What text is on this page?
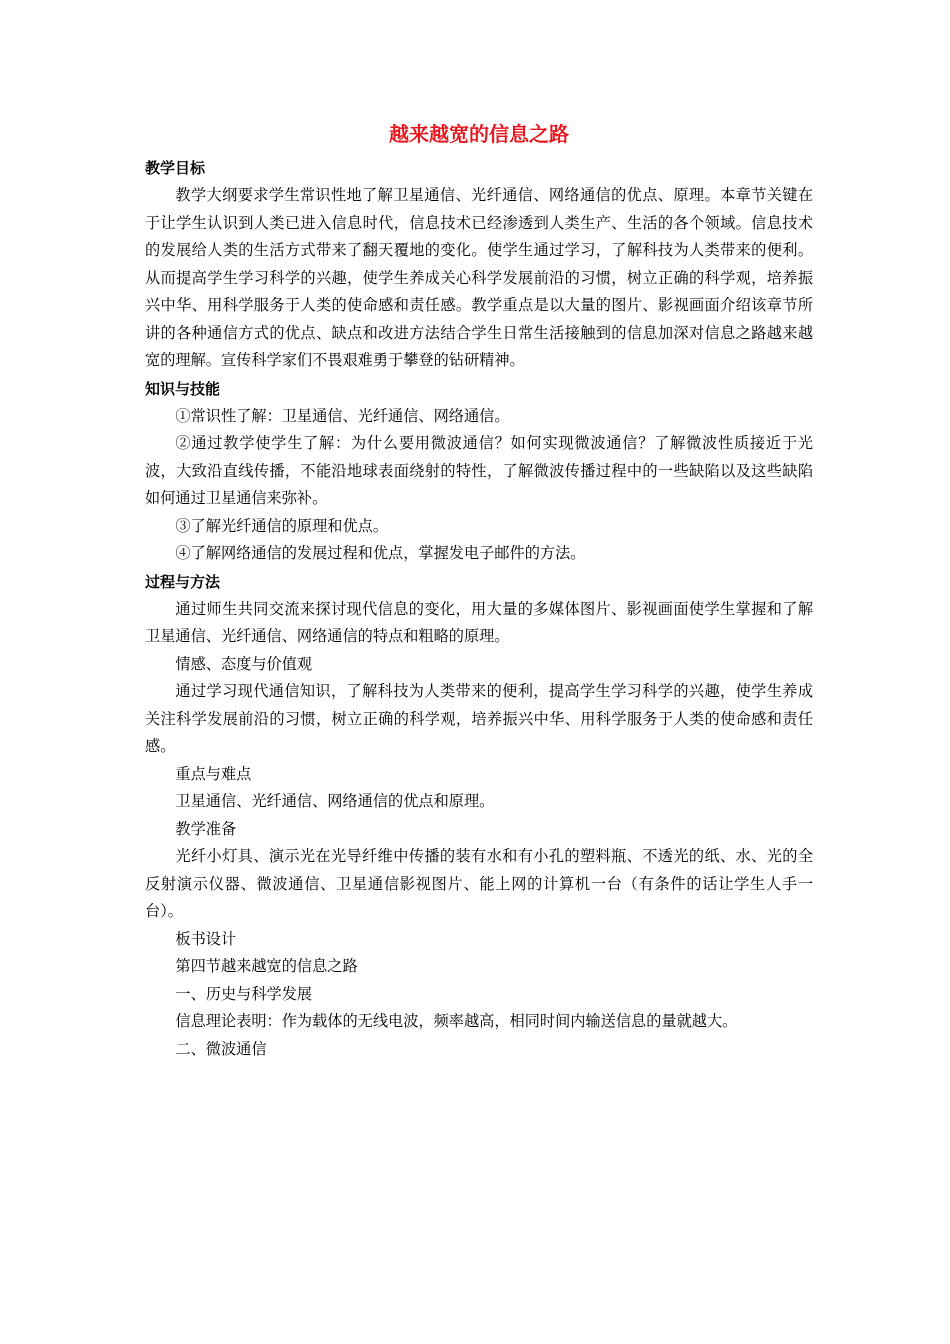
越来越宽的信息之路
教学目标

教学大纲要求学生常识性地了解卫星通信、光纤通信、网络通信的优点、原理。本章节关键在于让学生认识到人类已进入信息时代，信息技术已经渗透到人类生产、生活的各个领域。信息技术的发展给人类的生活方式带来了翻天覆地的变化。使学生通过学习，了解科技为人类带来的便利。从而提高学生学习科学的兴趣，使学生养成关心科学发展前沿的习惯，树立正确的科学观，培养振兴中华、用科学服务于人类的使命感和责任感。教学重点是以大量的图片、影视画面介绍该章节所讲的各种通信方式的优点、缺点和改进方法结合学生日常生活接触到的信息加深对信息之路越来越宽的理解。宣传科学家们不畏艰难勇于攀登的钻研精神。

知识与技能

①常识性了解：卫星通信、光纤通信、网络通信。

②通过教学使学生了解：为什么要用微波通信？如何实现微波通信？了解微波性质接近于光波，大致沿直线传播，不能沿地球表面绕射的特性，了解微波传播过程中的一些缺陷以及这些缺陷如何通过卫星通信来弥补。

③了解光纤通信的原理和优点。

④了解网络通信的发展过程和优点，掌握发电子邮件的方法。

过程与方法

通过师生共同交流来探讨现代信息的变化，用大量的多媒体图片、影视画面使学生掌握和了解卫星通信、光纤通信、网络通信的特点和粗略的原理。

情感、态度与价值观

通过学习现代通信知识，了解科技为人类带来的便利，提高学生学习科学的兴趣，使学生养成关注科学发展前沿的习惯，树立正确的科学观，培养振兴中华、用科学服务于人类的使命感和责任感。

重点与难点

卫星通信、光纤通信、网络通信的优点和原理。

教学准备

光纤小灯具、演示光在光导纤维中传播的装有水和有小孔的塑料瓶、不透光的纸、水、光的全反射演示仪器、微波通信、卫星通信影视图片、能上网的计算机一台（有条件的话让学生人手一台）。

板书设计

第四节越来越宽的信息之路

一、历史与科学发展

信息理论表明：作为载体的无线电波，频率越高，相同时间内输送信息的量就越大。

二、微波通信
